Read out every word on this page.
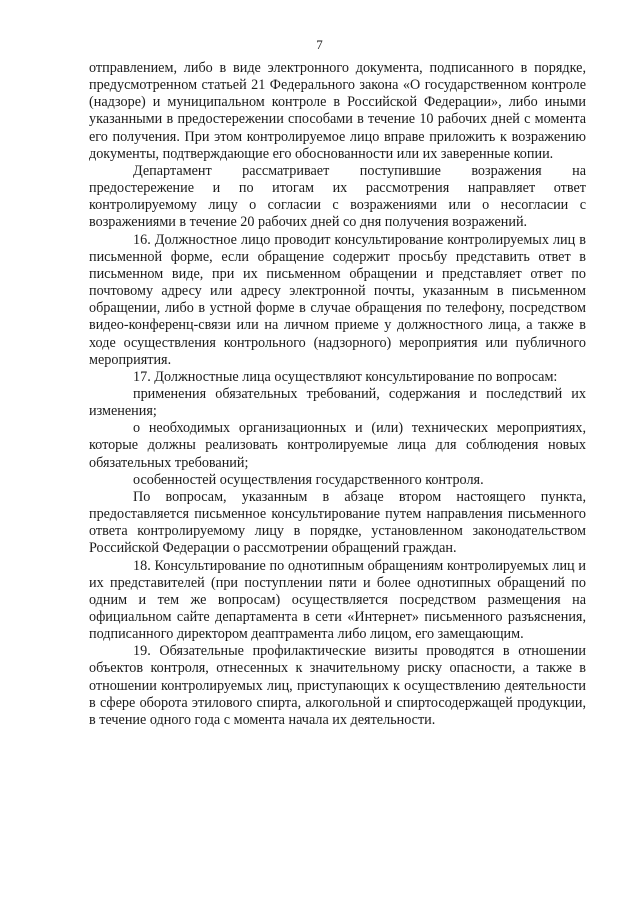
7

отправлением, либо в виде электронного документа, подписанного в порядке, предусмотренном статьей 21 Федерального закона «О государственном контроле (надзоре) и муниципальном контроле в Российской Федерации», либо иными указанными в предостережении способами в течение 10 рабочих дней с момента его получения. При этом контролируемое лицо вправе приложить к возражению документы, подтверждающие его обоснованности или их заверенные копии.

Департамент рассматривает поступившие возражения на предостережение и по итогам их рассмотрения направляет ответ контролируемому лицу о согласии с возражениями или о несогласии с возражениями в течение 20 рабочих дней со дня получения возражений.

16. Должностное лицо проводит консультирование контролируемых лиц в письменной форме, если обращение содержит просьбу представить ответ в письменном виде, при их письменном обращении и представляет ответ по почтовому адресу или адресу электронной почты, указанным в письменном обращении, либо в устной форме в случае обращения по телефону, посредством видео-конференц-связи или на личном приеме у должностного лица, а также в ходе осуществления контрольного (надзорного) мероприятия или публичного мероприятия.

17. Должностные лица осуществляют консультирование по вопросам:

применения обязательных требований, содержания и последствий их изменения;

о необходимых организационных и (или) технических мероприятиях, которые должны реализовать контролируемые лица для соблюдения новых обязательных требований;

особенностей осуществления государственного контроля.

По вопросам, указанным в абзаце втором настоящего пункта, предоставляется письменное консультирование путем направления письменного ответа контролируемому лицу в порядке, установленном законодательством Российской Федерации о рассмотрении обращений граждан.

18. Консультирование по однотипным обращениям контролируемых лиц и их представителей (при поступлении пяти и более однотипных обращений по одним и тем же вопросам) осуществляется посредством размещения на официальном сайте департамента в сети «Интернет» письменного разъяснения, подписанного директором деаптрамента либо лицом, его замещающим.

19. Обязательные профилактические визиты проводятся в отношении объектов контроля, отнесенных к значительному риску опасности, а также в отношении контролируемых лиц, приступающих к осуществлению деятельности в сфере оборота этилового спирта, алкогольной и спиртосодержащей продукции, в течение одного года с момента начала их деятельности.
